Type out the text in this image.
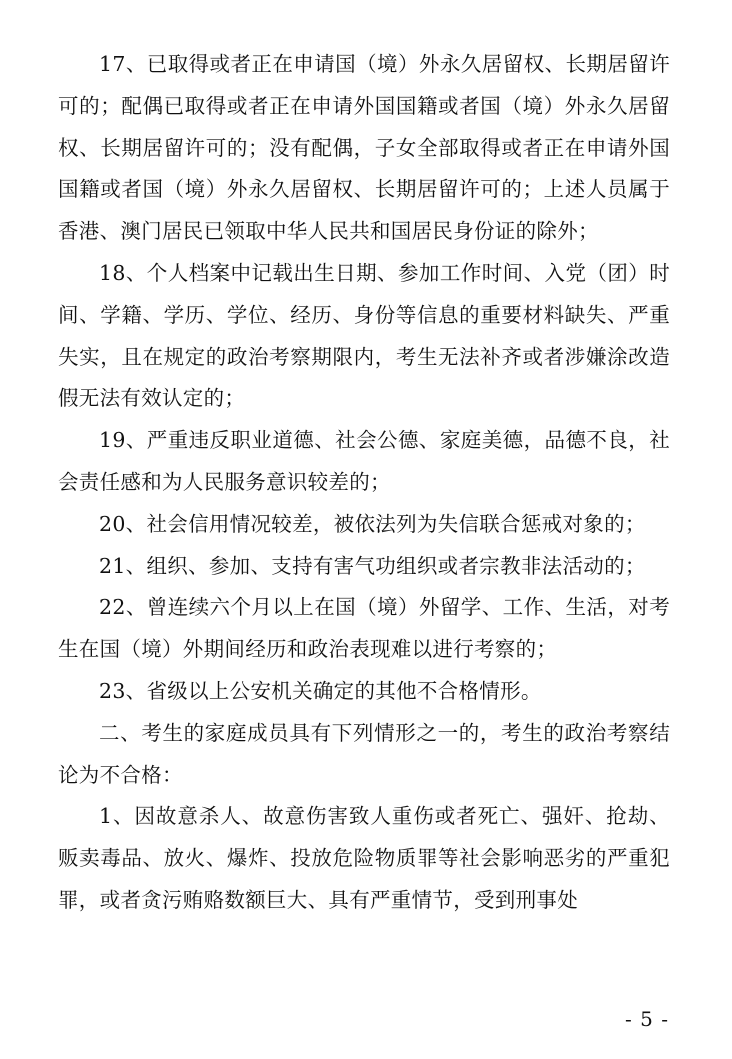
17、已取得或者正在申请国（境）外永久居留权、长期居留许可的；配偶已取得或者正在申请外国国籍或者国（境）外永久居留权、长期居留许可的；没有配偶，子女全部取得或者正在申请外国国籍或者国（境）外永久居留权、长期居留许可的；上述人员属于香港、澳门居民已领取中华人民共和国居民身份证的除外；

18、个人档案中记载出生日期、参加工作时间、入党（团）时间、学籍、学历、学位、经历、身份等信息的重要材料缺失、严重失实，且在规定的政治考察期限内，考生无法补齐或者涉嫌涂改造假无法有效认定的；

19、严重违反职业道德、社会公德、家庭美德，品德不良，社会责任感和为人民服务意识较差的；

20、社会信用情况较差，被依法列为失信联合惩戒对象的；

21、组织、参加、支持有害气功组织或者宗教非法活动的；

22、曾连续六个月以上在国（境）外留学、工作、生活，对考生在国（境）外期间经历和政治表现难以进行考察的；

23、省级以上公安机关确定的其他不合格情形。

二、考生的家庭成员具有下列情形之一的，考生的政治考察结论为不合格：

1、因故意杀人、故意伤害致人重伤或者死亡、强奸、抢劫、贩卖毒品、放火、爆炸、投放危险物质罪等社会影响恶劣的严重犯罪，或者贪污贿赂数额巨大、具有严重情节，受到刑事处

- 5 -
